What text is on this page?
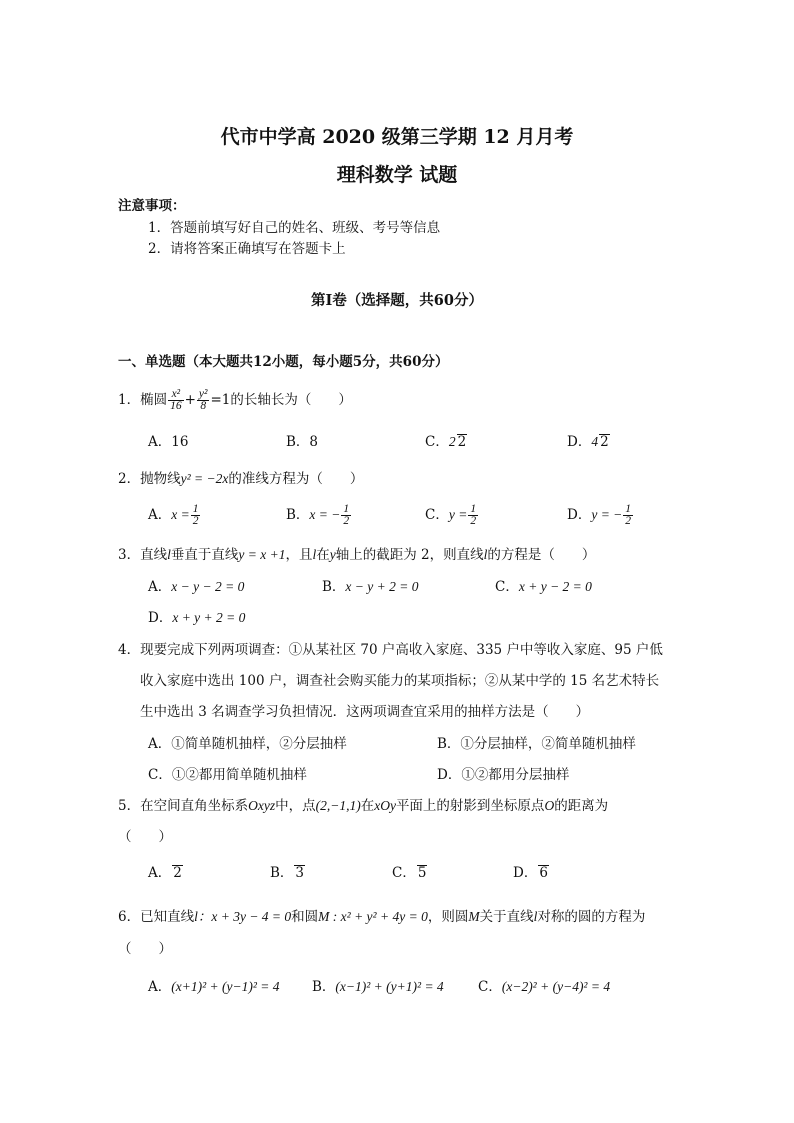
代市中学高 2020 级第三学期 12 月月考
理科数学 试题
注意事项：
1．答题前填写好自己的姓名、班级、考号等信息
2．请将答案正确填写在答题卡上
第I卷（选择题，共60分）
一、单选题（本大题共12小题，每小题5分，共60分）
1．椭圆 $\frac{\text{x²}}{16} + \frac{\text{y²}}{8} =1$的长轴长为（　　）
A．16	B．8	C．2 2	D．4 2
2．抛物线y² = −2x的准线方程为（　　）
A．$x = \frac{1}{2}$	B．x = − $\frac{1}{2}$	C．$y = \frac{1}{2}$	D．y = − $\frac{1}{2}$
3．直线l垂直于直线y = x +1，且l在y轴上的截距为 2，则直线l的方程是（　　）
A．x − y − 2 = 0	B．x − y + 2 = 0	C．x + y − 2 = 0
D．x + y + 2 = 0
4．现要完成下列两项调查：①从某社区 70 户高收入家庭、335 户中等收入家庭、95 户低
收入家庭中选出 100 户，调查社会购买能力的某项指标；②从某中学的 15 名艺术特长
生中选出 3 名调查学习负担情况．这两项调查宜采用的抽样方法是（　　）
A．①简单随机抽样，②分层抽样	B．①分层抽样，②简单随机抽样
C．①②都用简单随机抽样	D．①②都用分层抽样
5．在空间直角坐标系Oxyz中，点(2,−1,1)在xOy平面上的射影到坐标原点O的距离为
（　　）
A． 2	B． 3	C． 5	D． 6
6．已知直线l：x + 3y − 4 = 0和圆M : x² + y² + 4y = 0，则圆M关于直线l对称的圆的方程为
（　　）
A．(x+1)² + (y−1)² = 4 B．(x−1)² + (y+1)² = 4	C．(x−2)² + (y−4)² = 4
